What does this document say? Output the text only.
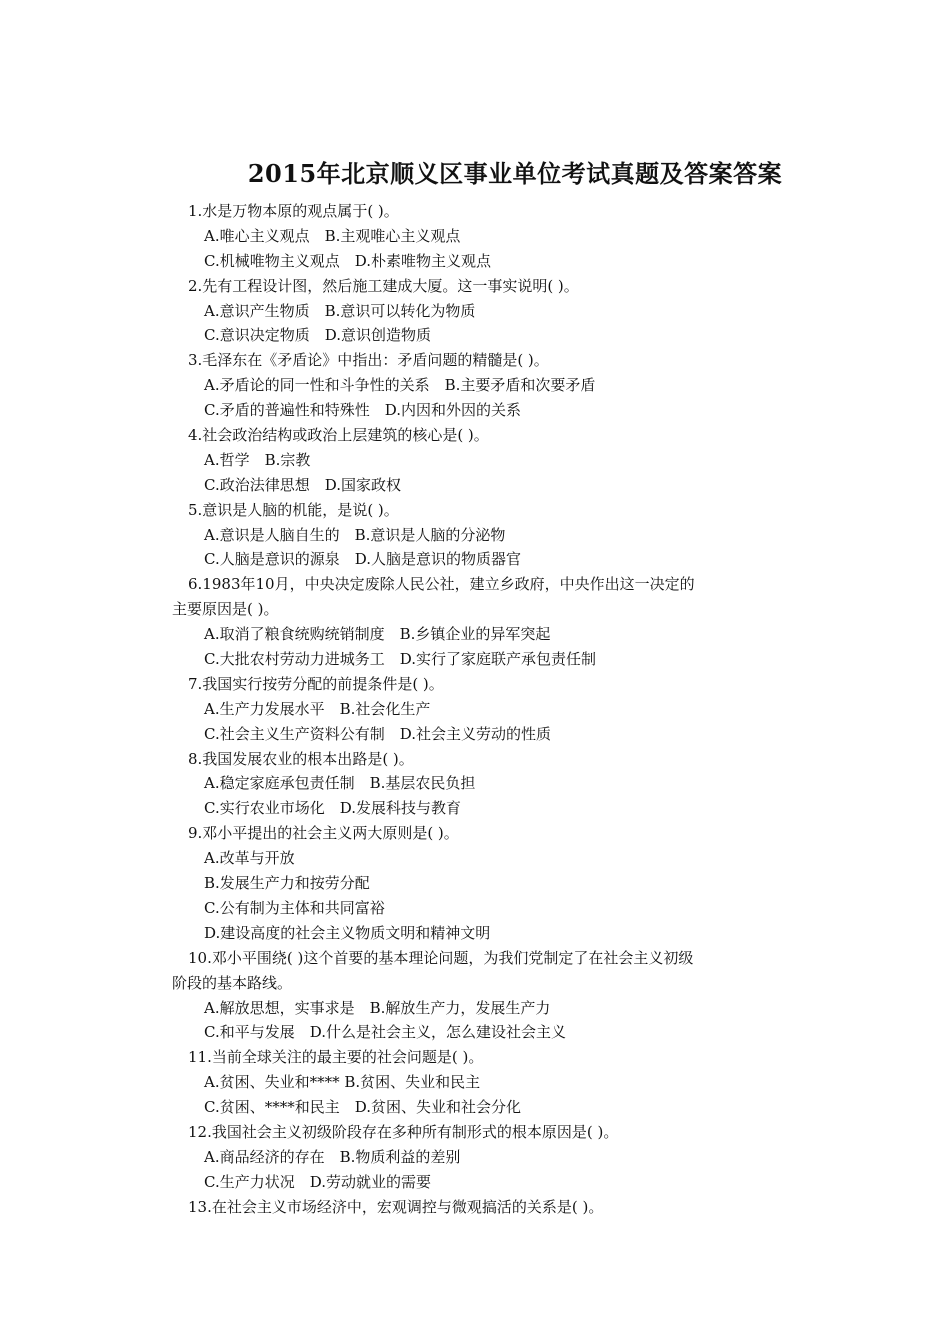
2015年北京顺义区事业单位考试真题及答案答案
1.水是万物本原的观点属于( )。
A.唯心主义观点　B.主观唯心主义观点
C.机械唯物主义观点　D.朴素唯物主义观点
2.先有工程设计图，然后施工建成大厦。这一事实说明( )。
A.意识产生物质　B.意识可以转化为物质
C.意识决定物质　D.意识创造物质
3.毛泽东在《矛盾论》中指出：矛盾问题的精髓是( )。
A.矛盾论的同一性和斗争性的关系　B.主要矛盾和次要矛盾
C.矛盾的普遍性和特殊性　D.内因和外因的关系
4.社会政治结构或政治上层建筑的核心是( )。
A.哲学　B.宗教
C.政治法律思想　D.国家政权
5.意识是人脑的机能，是说( )。
A.意识是人脑自生的　B.意识是人脑的分泌物
C.人脑是意识的源泉　D.人脑是意识的物质器官
6.1983年10月，中央决定废除人民公社，建立乡政府，中央作出这一决定的
主要原因是( )。
A.取消了粮食统购统销制度　B.乡镇企业的异军突起
C.大批农村劳动力进城务工　D.实行了家庭联产承包责任制
7.我国实行按劳分配的前提条件是( )。
A.生产力发展水平　B.社会化生产
C.社会主义生产资料公有制　D.社会主义劳动的性质
8.我国发展农业的根本出路是( )。
A.稳定家庭承包责任制　B.基层农民负担
C.实行农业市场化　D.发展科技与教育
9.邓小平提出的社会主义两大原则是( )。
A.改革与开放
B.发展生产力和按劳分配
C.公有制为主体和共同富裕
D.建设高度的社会主义物质文明和精神文明
10.邓小平围绕( )这个首要的基本理论问题，为我们党制定了在社会主义初级
阶段的基本路线。
A.解放思想，实事求是　B.解放生产力，发展生产力
C.和平与发展　D.什么是社会主义，怎么建设社会主义
11.当前全球关注的最主要的社会问题是( )。
A.贫困、失业和**** B.贫困、失业和民主
C.贫困、****和民主　D.贫困、失业和社会分化
12.我国社会主义初级阶段存在多种所有制形式的根本原因是( )。
A.商品经济的存在　B.物质利益的差别
C.生产力状况　D.劳动就业的需要
13.在社会主义市场经济中，宏观调控与微观搞活的关系是( )。
